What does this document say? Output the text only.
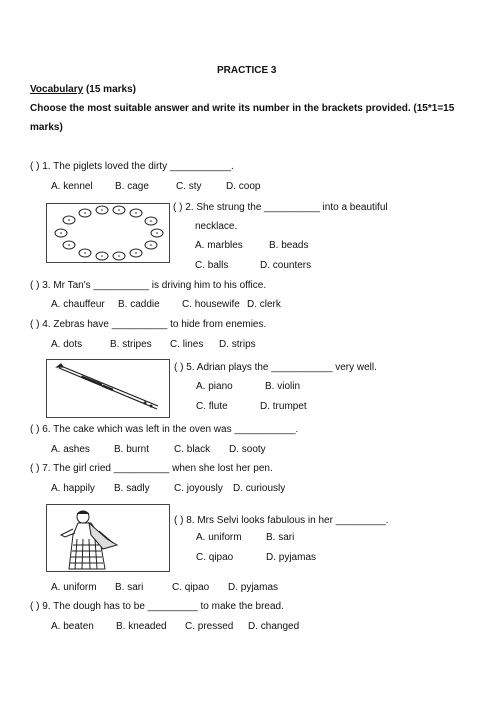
PRACTICE 3
Vocabulary (15 marks)
Choose the most suitable answer and write its number in the brackets provided. (15*1=15
marks)
( ) 1. The piglets loved the dirty ___________.
A. kennel B. cage	C. sty D. coop
( ) 2. She strung the __________ into a beautiful
necklace.
A. marbles	B. beads
C. balls	D. counters
( ) 3. Mr Tan's __________ is driving him to his office.
A. chauffeur B. caddie C. housewife D. clerk
( ) 4. Zebras have __________ to hide from enemies.
A. dots	B. stripes C. lines D. strips
( ) 5. Adrian plays the ___________ very well.
A. piano	B. violin
C. flute	D. trumpet
( ) 6. The cake which was left in the oven was ___________.
A. ashes B. burnt C. black D. sooty
( ) 7. The girl cried __________ when she lost her pen.
A. happily B. sadly C. joyously D. curiously
( ) 8. Mrs Selvi looks fabulous in her _________.
A. uniform B. sari
C. qipao	D. pyjamas
A. uniform B. sari	C. qipao D. pyjamas
( ) 9. The dough has to be _________ to make the bread.
A. beaten B. kneaded C. pressed D. changed
